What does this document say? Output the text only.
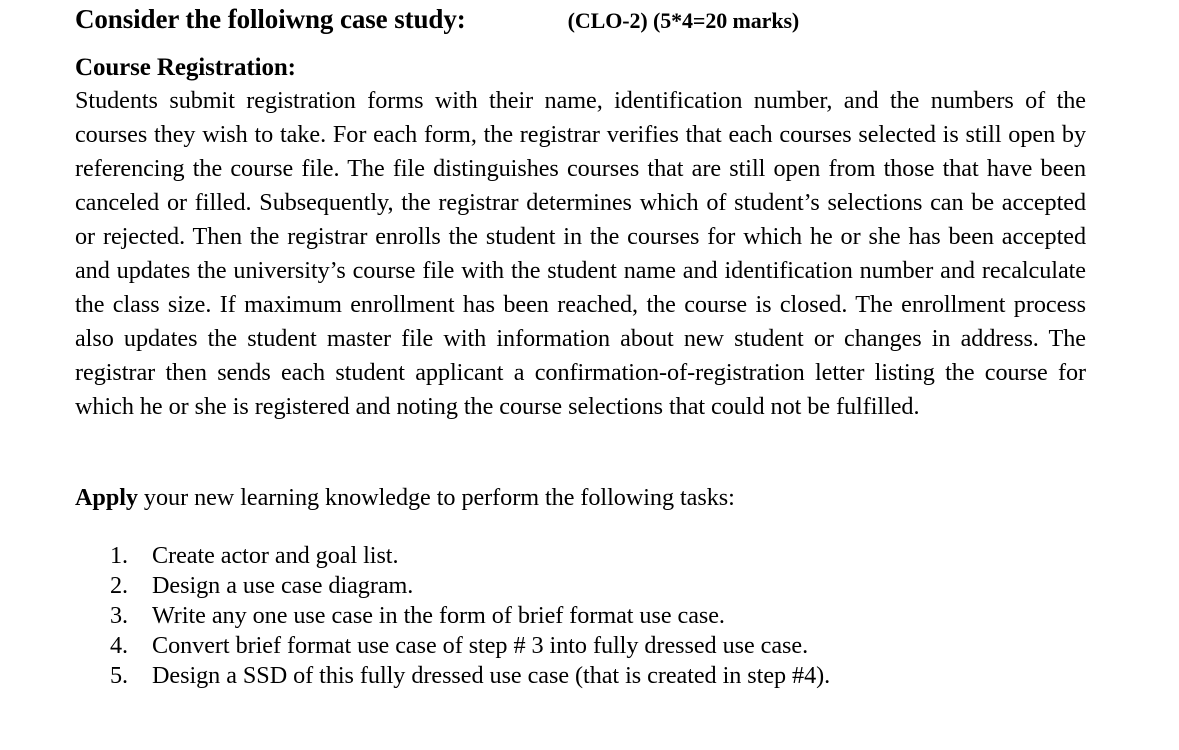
Consider the folloiwng case study:	(CLO-2) (5*4=20 marks)
Course Registration:
Students submit registration forms with their name, identification number, and the numbers of the courses they wish to take. For each form, the registrar verifies that each courses selected is still open by referencing the course file. The file distinguishes courses that are still open from those that have been canceled or filled. Subsequently, the registrar determines which of student’s selections can be accepted or rejected. Then the registrar enrolls the student in the courses for which he or she has been accepted and updates the university’s course file with the student name and identification number and recalculate the class size. If maximum enrollment has been reached, the course is closed. The enrollment process also updates the student master file with information about new student or changes in address. The registrar then sends each student applicant a confirmation-of-registration letter listing the course for which he or she is registered and noting the course selections that could not be fulfilled.
Apply your new learning knowledge to perform the following tasks:
1. Create actor and goal list.
2. Design a use case diagram.
3. Write any one use case in the form of brief format use case.
4. Convert brief format use case of step # 3 into fully dressed use case.
5. Design a SSD of this fully dressed use case (that is created in step #4).
